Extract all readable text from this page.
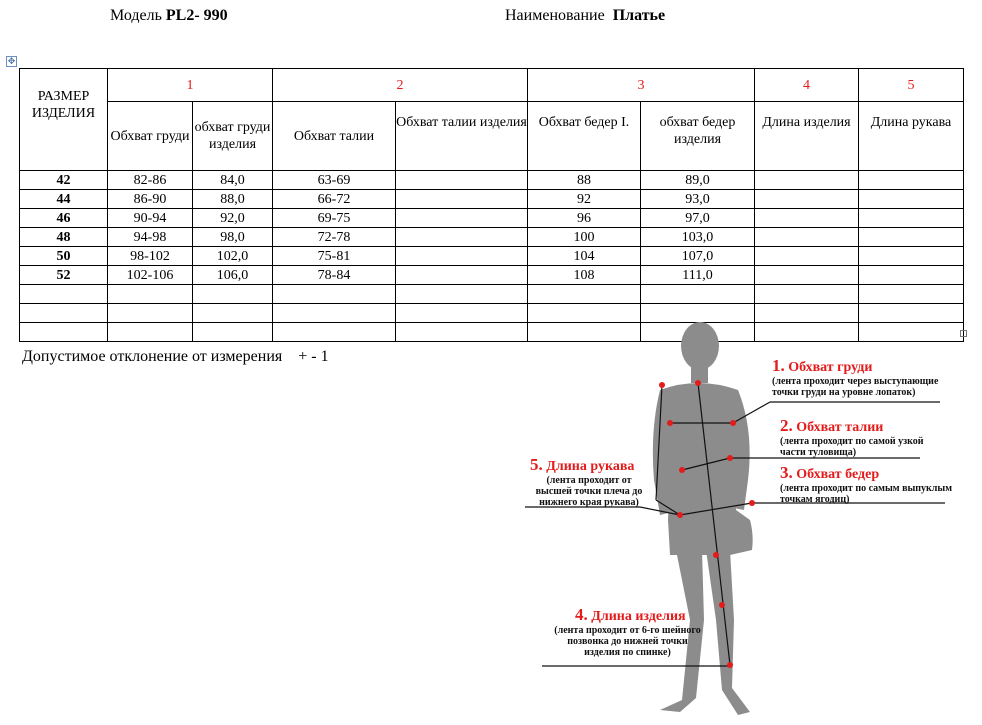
Модель PL2- 990	Наименование Платье
✥
РАЗМЕР ИЗДЕЛИЯ	1		2		3		4	5
	Обхват груди	обхват груди изделия	Обхват талии	Обхват талии изделия	Обхват бедер I.	обхват бедер изделия	Длина изделия	Длина рукава
42	82-86	84,0	63-69		88	89,0		
44	86-90	88,0	66-72		92	93,0		
46	90-94	92,0	69-75		96	97,0		
48	94-98	98,0	72-78		100	103,0		
50	98-102	102,0	75-81		104	107,0		
52	102-106	106,0	78-84		108	111,0		

Допустимое отклонение от измерения    + - 1	1. Обхват груди
(лента проходит через выступающие точки груди на уровне лопаток)
2. Обхват талии
(лента проходит по самой узкой части туловища)
3. Обхват бедер
(лента проходит по самым выпуклым точкам ягодиц)
5. Длина рукава
(лента проходит от высшей точки плеча до нижнего края рукава)
4. Длина изделия
(лента проходит от 6-го шейного позвонка до нижней точки изделия по спинке)
